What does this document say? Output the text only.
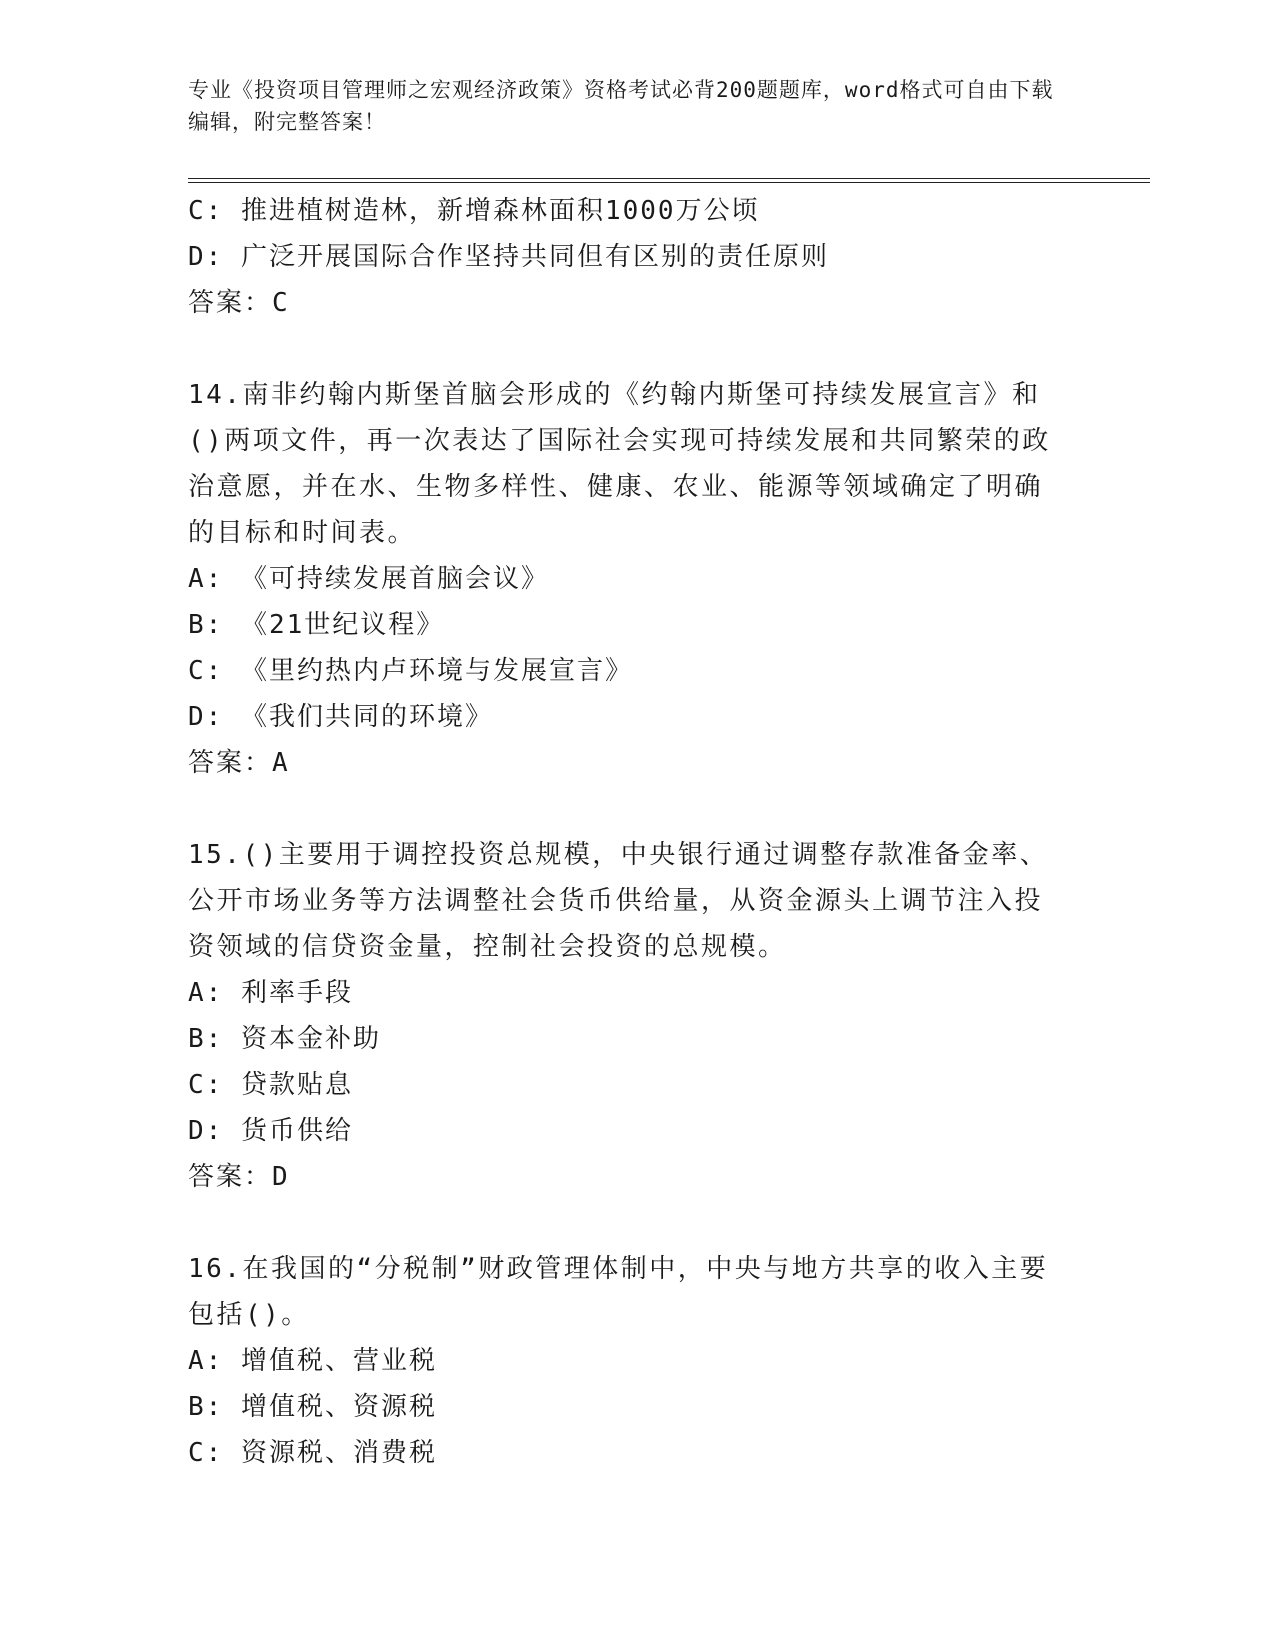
专业《投资项目管理师之宏观经济政策》资格考试必背200题题库，word格式可自由下载编辑，附完整答案！
C: 推进植树造林，新增森林面积1000万公顷
D: 广泛开展国际合作坚持共同但有区别的责任原则
答案：C
14.南非约翰内斯堡首脑会形成的《约翰内斯堡可持续发展宣言》和()两项文件，再一次表达了国际社会实现可持续发展和共同繁荣的政治意愿，并在水、生物多样性、健康、农业、能源等领域确定了明确的目标和时间表。
A: 《可持续发展首脑会议》
B: 《21世纪议程》
C: 《里约热内卢环境与发展宣言》
D: 《我们共同的环境》
答案：A
15.()主要用于调控投资总规模，中央银行通过调整存款准备金率、公开市场业务等方法调整社会货币供给量，从资金源头上调节注入投资领域的信贷资金量，控制社会投资的总规模。
A: 利率手段
B: 资本金补助
C: 贷款贴息
D: 货币供给
答案：D
16.在我国的“分税制”财政管理体制中，中央与地方共享的收入主要包括()。
A: 增值税、营业税
B: 增值税、资源税
C: 资源税、消费税
